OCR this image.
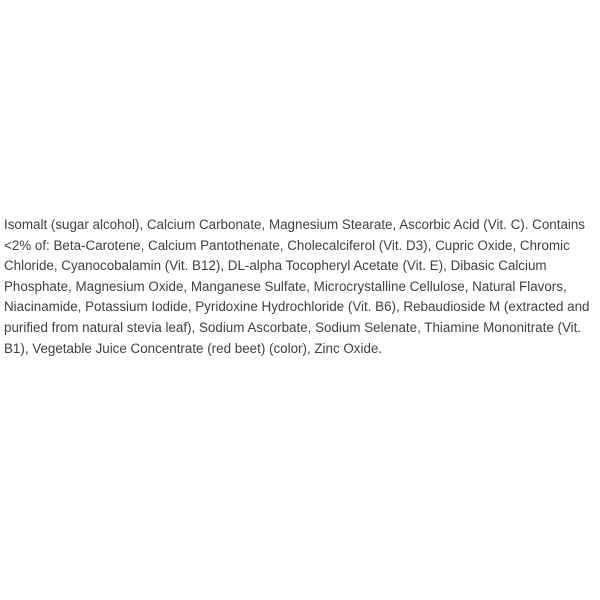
Isomalt (sugar alcohol), Calcium Carbonate, Magnesium Stearate, Ascorbic Acid (Vit. C). Contains <2% of: Beta-Carotene, Calcium Pantothenate, Cholecalciferol (Vit. D3), Cupric Oxide, Chromic Chloride, Cyanocobalamin (Vit. B12), DL-alpha Tocopheryl Acetate (Vit. E), Dibasic Calcium Phosphate, Magnesium Oxide, Manganese Sulfate, Microcrystalline Cellulose, Natural Flavors, Niacinamide, Potassium Iodide, Pyridoxine Hydrochloride (Vit. B6), Rebaudioside M (extracted and purified from natural stevia leaf), Sodium Ascorbate, Sodium Selenate, Thiamine Mononitrate (Vit. B1), Vegetable Juice Concentrate (red beet) (color), Zinc Oxide.
